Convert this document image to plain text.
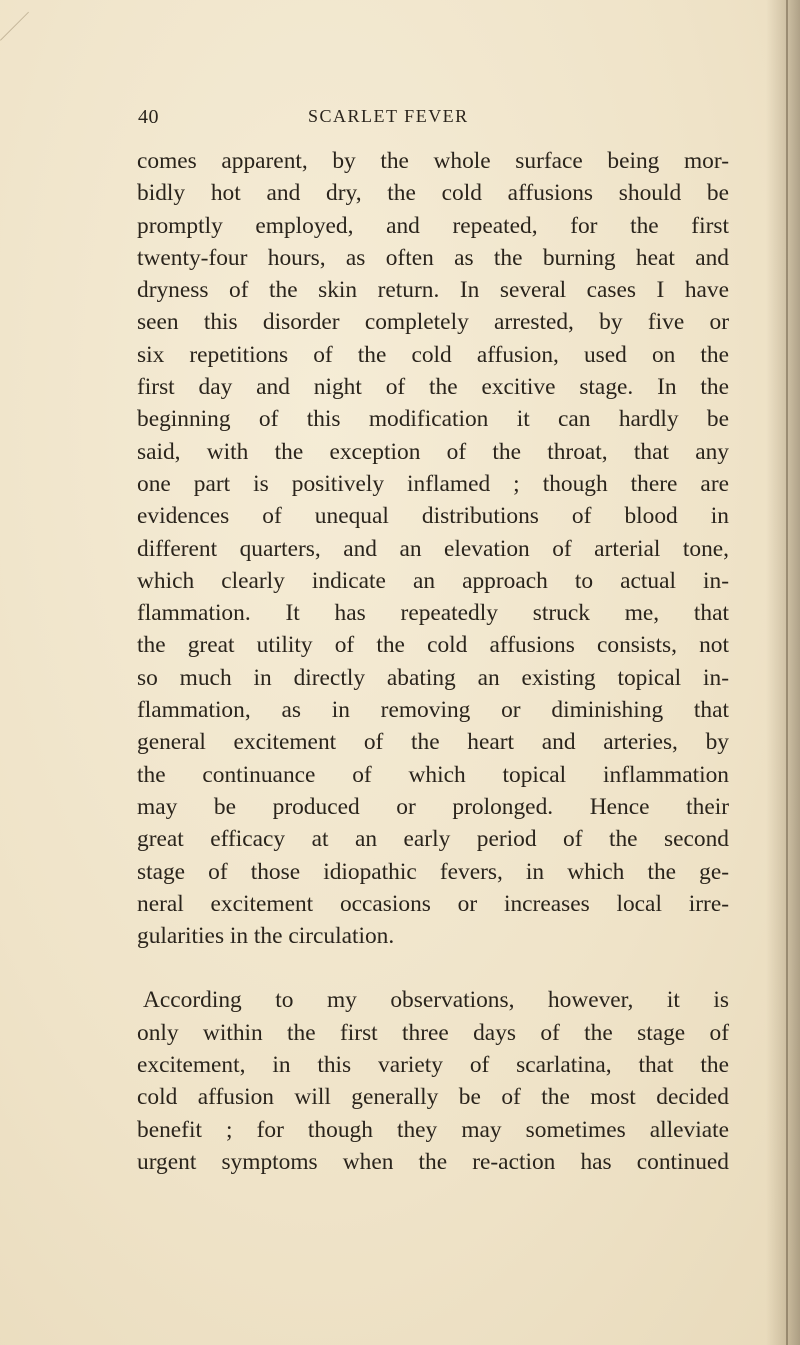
40	SCARLET FEVER

comes apparent, by the whole surface being mor-
bidly hot and dry, the cold affusions should be
promptly employed, and repeated, for the first
twenty-four hours, as often as the burning heat and
dryness of the skin return. In several cases I have
seen this disorder completely arrested, by five or
six repetitions of the cold affusion, used on the
first day and night of the excitive stage. In the
beginning of this modification it can hardly be
said, with the exception of the throat, that any
one part is positively inflamed ; though there are
evidences of unequal distributions of blood in
different quarters, and an elevation of arterial tone,
which clearly indicate an approach to actual in-
flammation. It has repeatedly struck me, that
the great utility of the cold affusions consists, not
so much in directly abating an existing topical in-
flammation, as in removing or diminishing that
general excitement of the heart and arteries, by
the continuance of which topical inflammation
may be produced or prolonged. Hence their
great efficacy at an early period of the second
stage of those idiopathic fevers, in which the ge-
neral excitement occasions or increases local irre-
gularities in the circulation.

According to my observations, however, it is
only within the first three days of the stage of
excitement, in this variety of scarlatina, that the
cold affusion will generally be of the most decided
benefit ; for though they may sometimes alleviate
urgent symptoms when the re-action has continued
